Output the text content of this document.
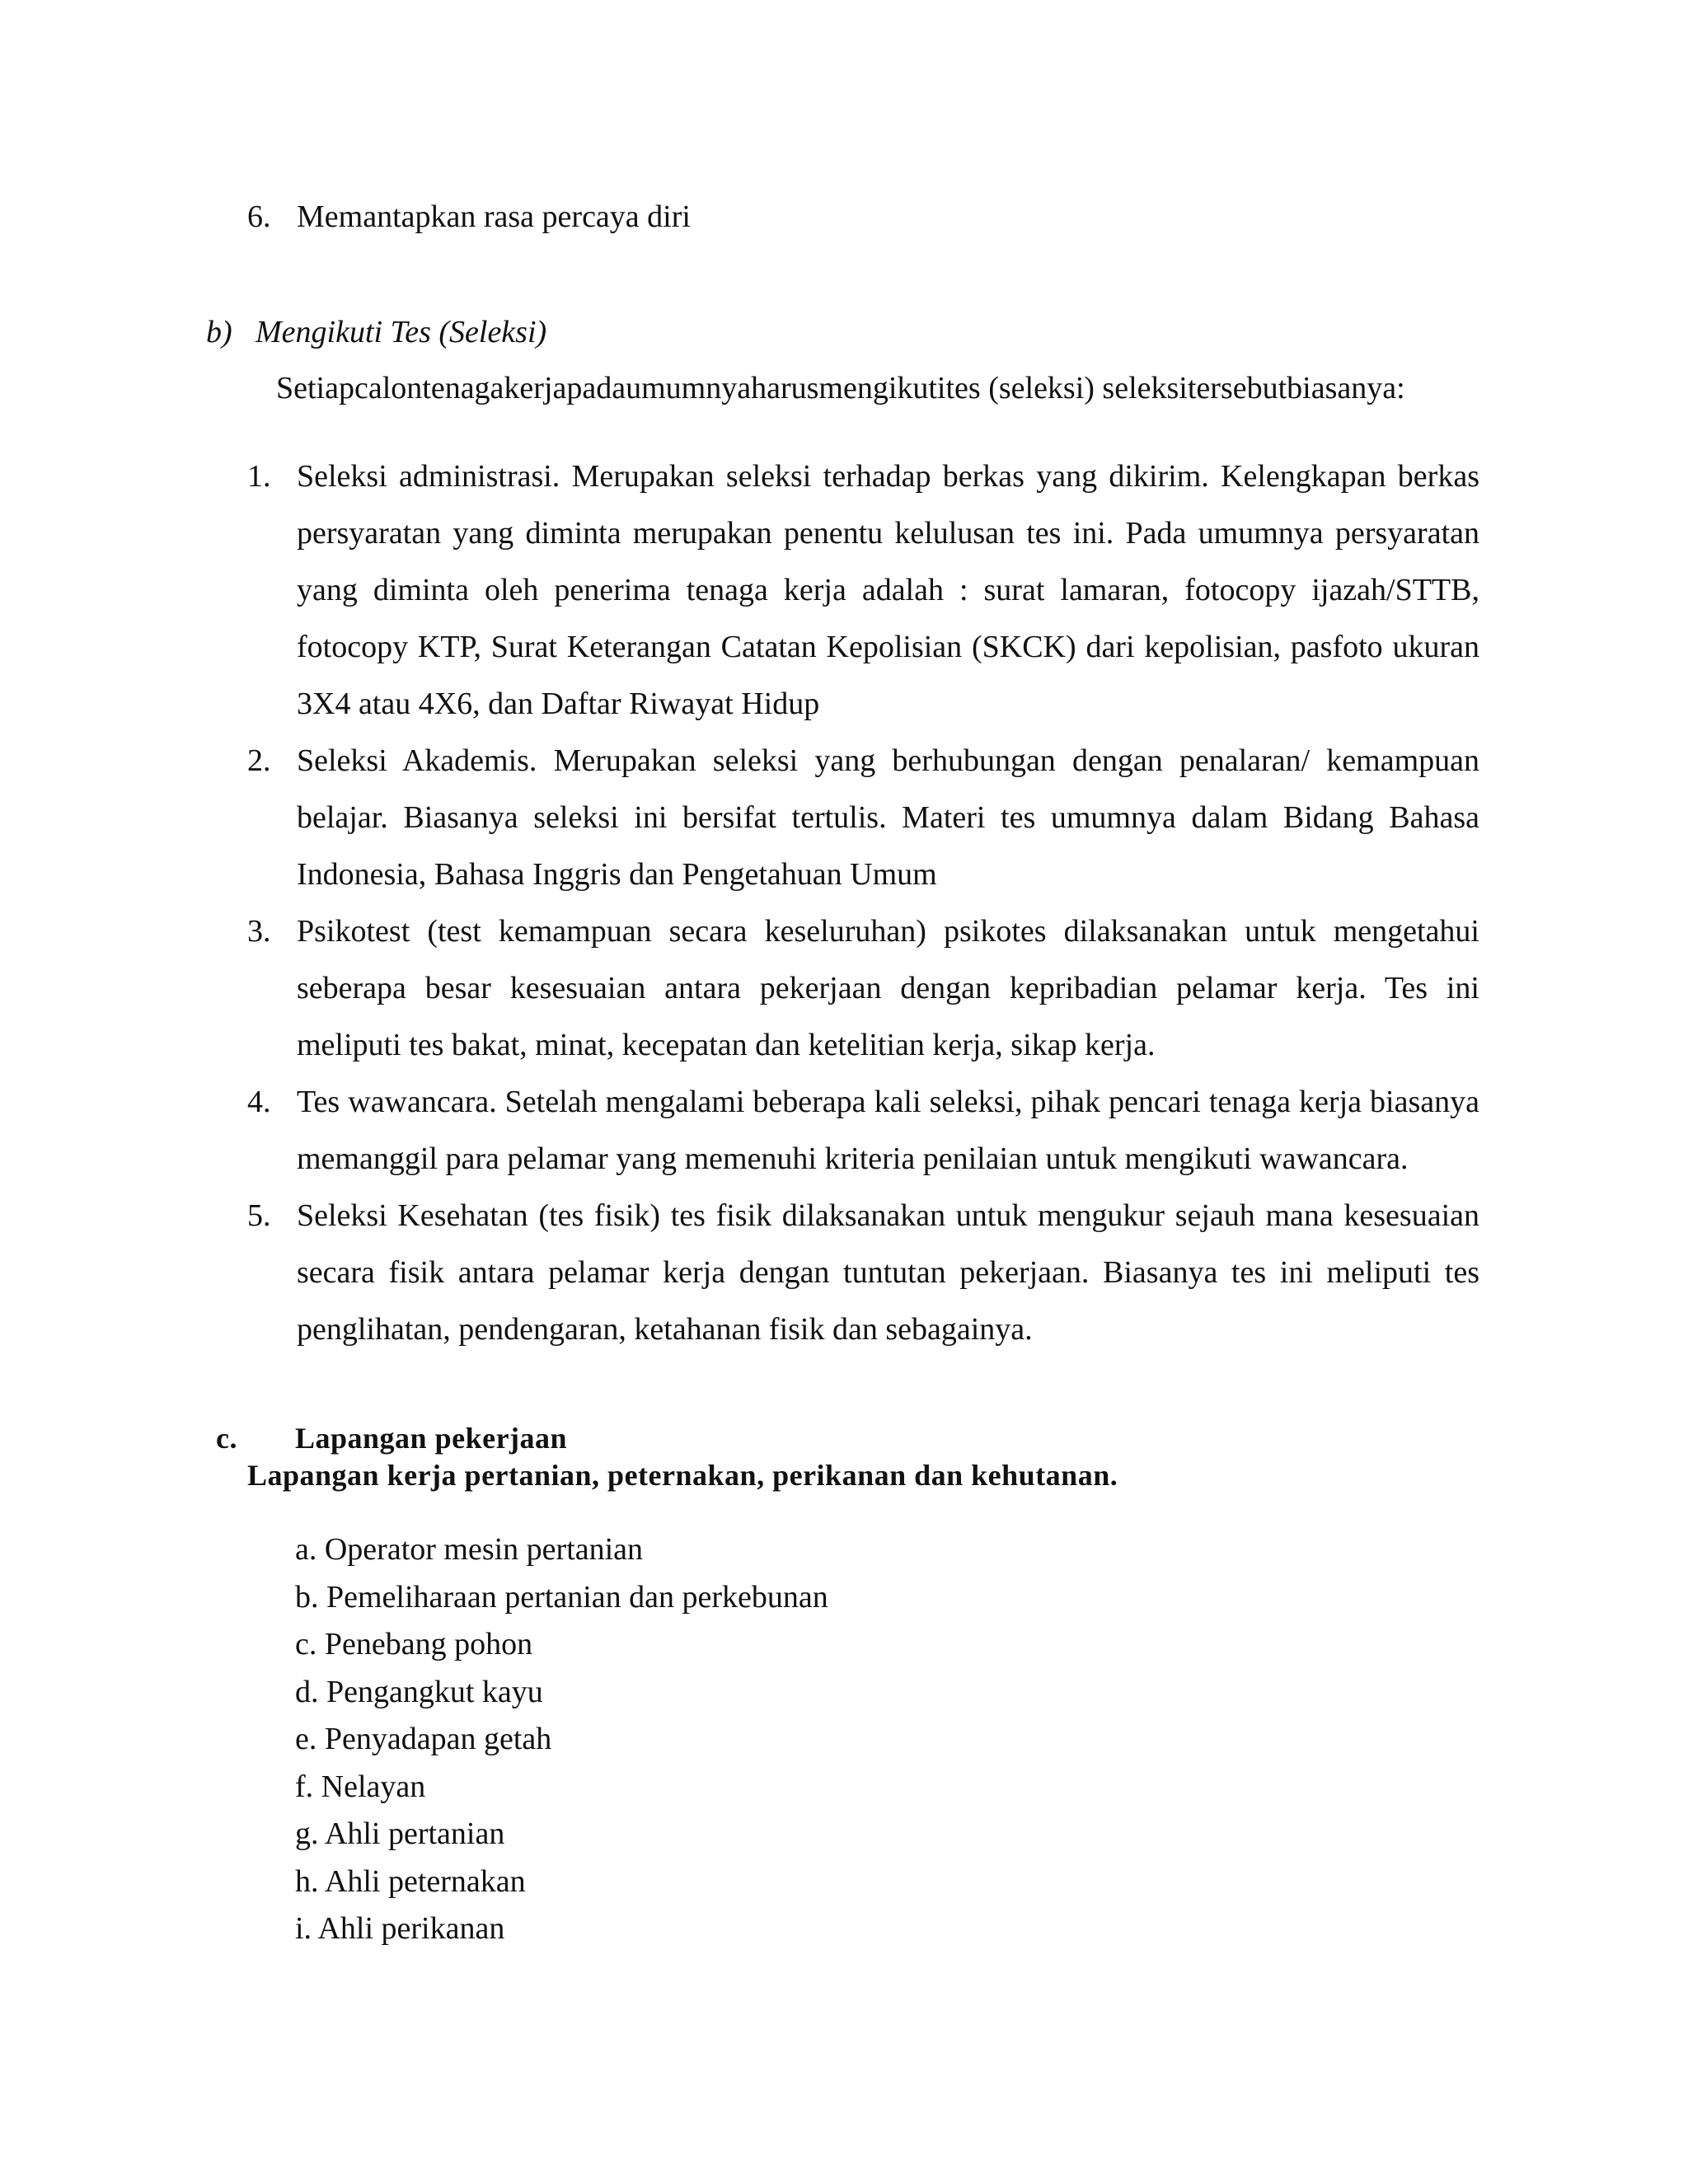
6. Memantapkan rasa percaya diri
b) Mengikuti Tes (Seleksi)
Setiapcalontenagakerjapadaumumnyaharusmengikutites (seleksi) seleksitersebutbiasanya:
1. Seleksi administrasi. Merupakan seleksi terhadap berkas yang dikirim. Kelengkapan berkas persyaratan yang diminta merupakan penentu kelulusan tes ini. Pada umumnya persyaratan yang diminta oleh penerima tenaga kerja adalah : surat lamaran, fotocopy ijazah/STTB, fotocopy KTP, Surat Keterangan Catatan Kepolisian (SKCK) dari kepolisian, pasfoto ukuran 3X4 atau 4X6, dan Daftar Riwayat Hidup
2. Seleksi Akademis. Merupakan seleksi yang berhubungan dengan penalaran/ kemampuan belajar. Biasanya seleksi ini bersifat tertulis. Materi tes umumnya dalam Bidang Bahasa Indonesia, Bahasa Inggris dan Pengetahuan Umum
3. Psikotest (test kemampuan secara keseluruhan) psikotes dilaksanakan untuk mengetahui seberapa besar kesesuaian antara pekerjaan dengan kepribadian pelamar kerja. Tes ini meliputi tes bakat, minat, kecepatan dan ketelitian kerja, sikap kerja.
4. Tes wawancara. Setelah mengalami beberapa kali seleksi, pihak pencari tenaga kerja biasanya memanggil para pelamar yang memenuhi kriteria penilaian untuk mengikuti wawancara.
5. Seleksi Kesehatan (tes fisik) tes fisik dilaksanakan untuk mengukur sejauh mana kesesuaian secara fisik antara pelamar kerja dengan tuntutan pekerjaan. Biasanya tes ini meliputi tes penglihatan, pendengaran, ketahanan fisik dan sebagainya.
c. Lapangan pekerjaan
Lapangan kerja pertanian, peternakan, perikanan dan kehutanan.
a. Operator mesin pertanian
b. Pemeliharaan pertanian dan perkebunan
c. Penebang pohon
d. Pengangkut kayu
e. Penyadapan getah
f. Nelayan
g. Ahli pertanian
h. Ahli peternakan
i. Ahli perikanan
